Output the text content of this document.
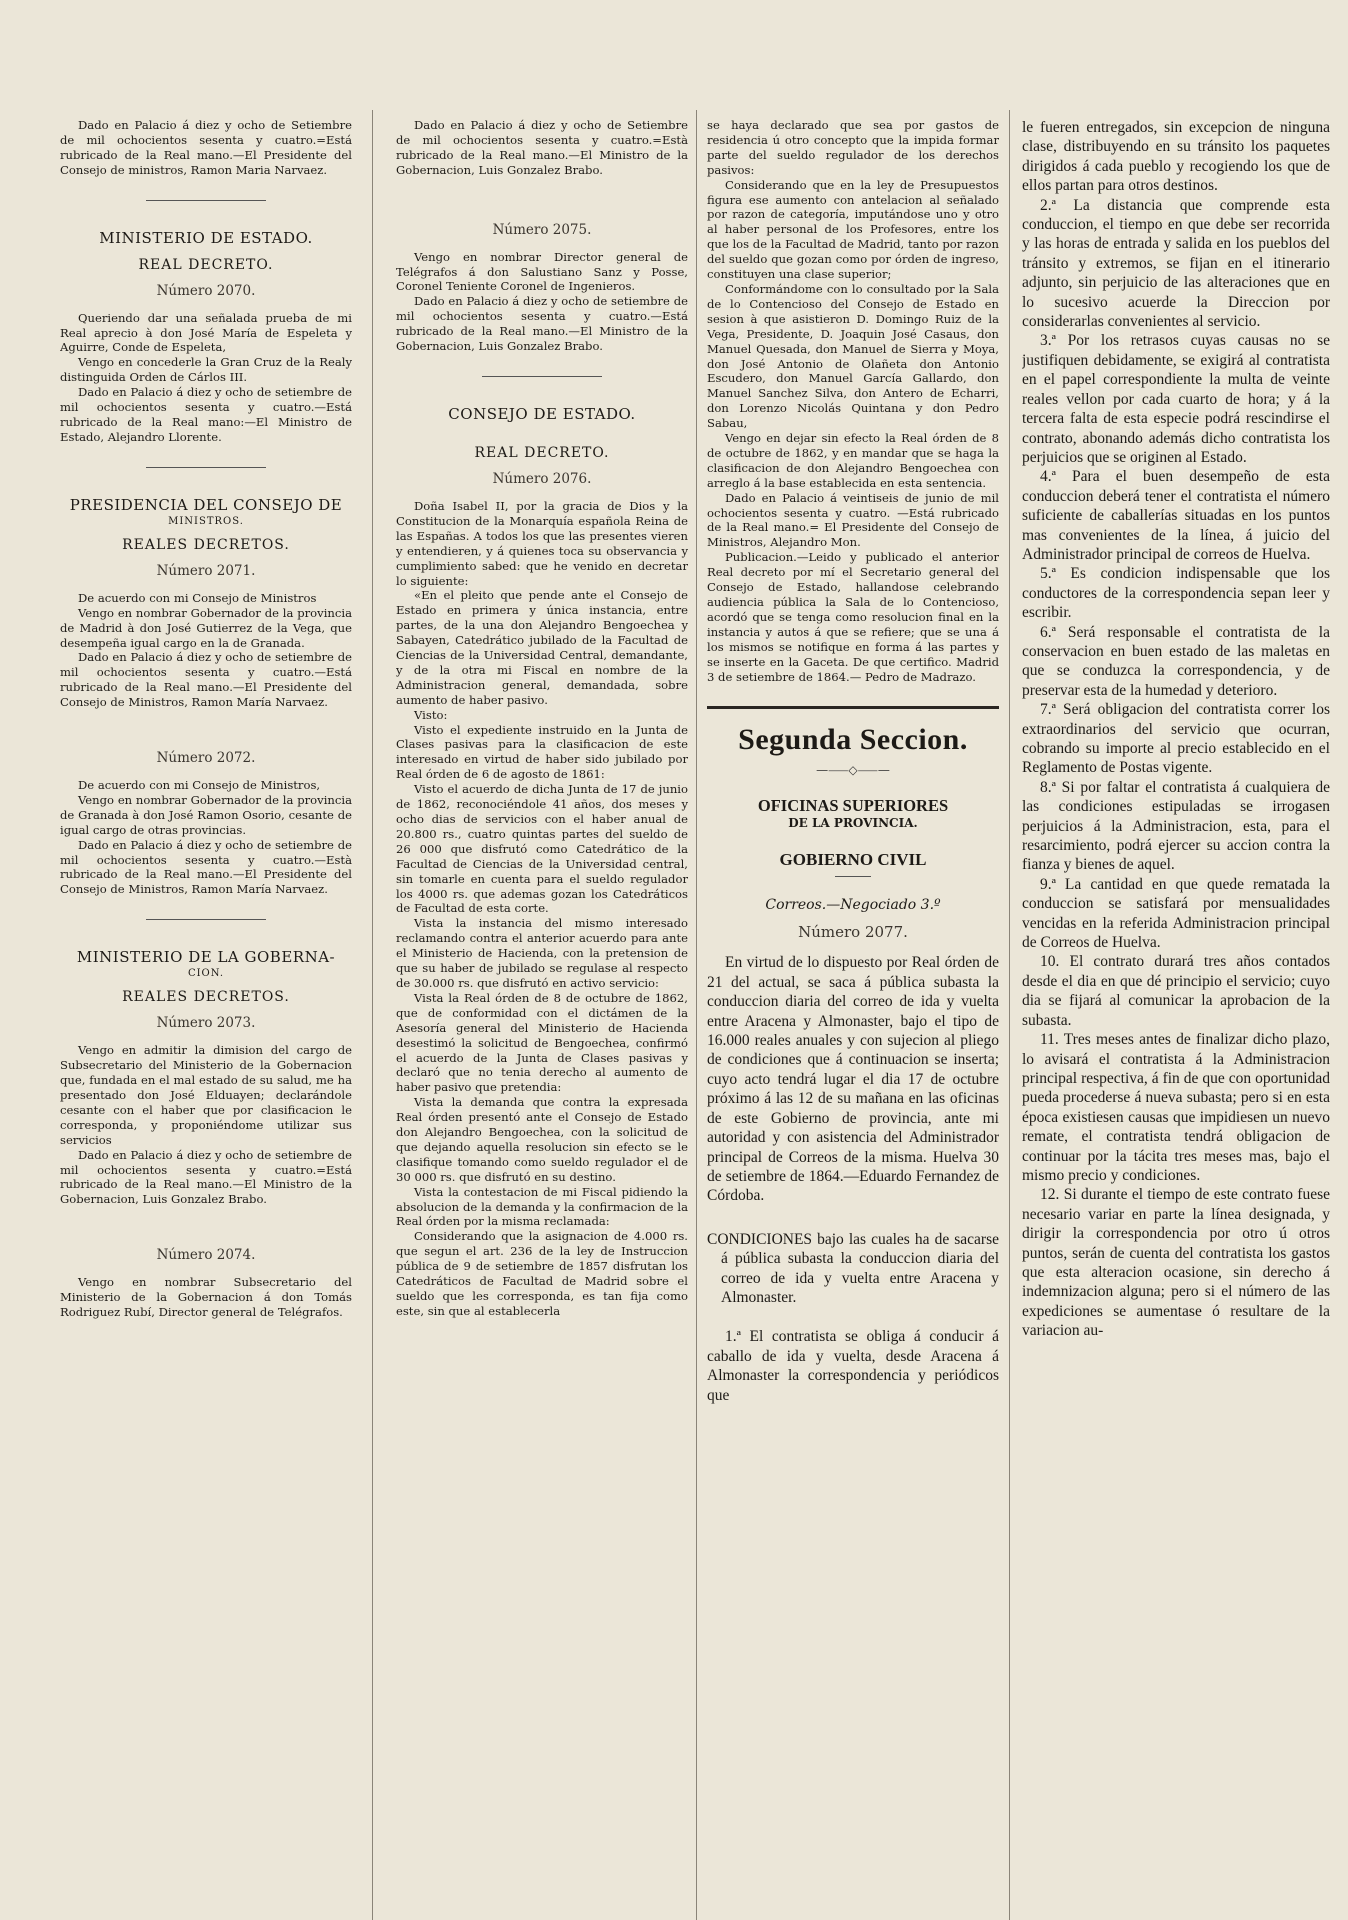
Dado en Palacio á diez y ocho de Setiembre de mil ochocientos sesenta y cuatro.=Está rubricado de la Real mano.—El Presidente del Consejo de ministros, Ramon Maria Narvaez.

MINISTERIO DE ESTADO.
REAL DECRETO.
Número 2070.

Queriendo dar una señalada prueba de mi Real aprecio à don José María de Espeleta y Aguirre, Conde de Espeleta,

Vengo en concederle la Gran Cruz de la Realy distinguida Orden de Cárlos III.

Dado en Palacio á diez y ocho de setiembre de mil ochocientos sesenta y cuatro.—Está rubricado de la Real mano:—El Ministro de Estado, Alejandro Llorente.

PRESIDENCIA DEL CONSEJO DE
MINISTROS.
REALES DECRETOS.
Número 2071.

De acuerdo con mi Consejo de Ministros

Vengo en nombrar Gobernador de la provincia de Madrid à don José Gutierrez de la Vega, que desempeña igual cargo en la de Granada.

Dado en Palacio á diez y ocho de setiembre de mil ochocientos sesenta y cuatro.—Está rubricado de la Real mano.—El Presidente del Consejo de Ministros, Ramon María Narvaez.

Número 2072.

De acuerdo con mi Consejo de Ministros,

Vengo en nombrar Gobernador de la provincia de Granada à don José Ramon Osorio, cesante de igual cargo de otras provincias.

Dado en Palacio á diez y ocho de setiembre de mil ochocientos sesenta y cuatro.—Està rubricado de la Real mano.—El Presidente del Consejo de Ministros, Ramon María Narvaez.

MINISTERIO DE LA GOBERNA-
CION.
REALES DECRETOS.
Número 2073.

Vengo en admitir la dimision del cargo de Subsecretario del Ministerio de la Gobernacion que, fundada en el mal estado de su salud, me ha presentado don José Elduayen; declarándole cesante con el haber que por clasificacion le corresponda, y proponiéndome utilizar sus servicios

Dado en Palacio á diez y ocho de setiembre de mil ochocientos sesenta y cuatro.=Está rubricado de la Real mano.—El Ministro de la Gobernacion, Luis Gonzalez Brabo.

Número 2074.

Vengo en nombrar Subsecretario del Ministerio de la Gobernacion á don Tomás Rodriguez Rubí, Director general de Telégrafos.

Dado en Palacio á diez y ocho de Setiembre de mil ochocientos sesenta y cuatro.=Està rubricado de la Real mano.—El Ministro de la Gobernacion, Luis Gonzalez Brabo.

Número 2075.

Vengo en nombrar Director general de Telégrafos á don Salustiano Sanz y Posse, Coronel Teniente Coronel de Ingenieros.

Dado en Palacio á diez y ocho de setiembre de mil ochocientos sesenta y cuatro.—Está rubricado de la Real mano.—El Ministro de la Gobernacion, Luis Gonzalez Brabo.

CONSEJO DE ESTADO.
REAL DECRETO.
Número 2076.

Doña Isabel II, por la gracia de Dios y la Constitucion de la Monarquía española Reina de las Españas. A todos los que las presentes vieren y entendieren, y á quienes toca su observancia y cumplimiento sabed: que he venido en decretar lo siguiente:

«En el pleito que pende ante el Consejo de Estado en primera y única instancia, entre partes, de la una don Alejandro Bengoechea y Sabayen, Catedrático jubilado de la Facultad de Ciencias de la Universidad Central, demandante, y de la otra mi Fiscal en nombre de la Administracion general, demandada, sobre aumento de haber pasivo.

Visto:

Visto el expediente instruido en la Junta de Clases pasivas para la clasificacion de este interesado en virtud de haber sido jubilado por Real órden de 6 de agosto de 1861:

Visto el acuerdo de dicha Junta de 17 de junio de 1862, reconociéndole 41 años, dos meses y ocho dias de servicios con el haber anual de 20.800 rs., cuatro quintas partes del sueldo de 26 000 que disfrutó como Catedrático de la Facultad de Ciencias de la Universidad central, sin tomarle en cuenta para el sueldo regulador los 4000 rs. que ademas gozan los Catedráticos de Facultad de esta corte.

Vista la instancia del mismo interesado reclamando contra el anterior acuerdo para ante el Ministerio de Hacienda, con la pretension de que su haber de jubilado se regulase al respecto de 30.000 rs. que disfrutó en activo servicio:

Vista la Real órden de 8 de octubre de 1862, que de conformidad con el dictámen de la Asesoría general del Ministerio de Hacienda desestimó la solicitud de Bengoechea, confirmó el acuerdo de la Junta de Clases pasivas y declaró que no tenia derecho al aumento de haber pasivo que pretendia:

Vista la demanda que contra la expresada Real órden presentó ante el Consejo de Estado don Alejandro Bengoechea, con la solicitud de que dejando aquella resolucion sin efecto se le clasifique tomando como sueldo regulador el de 30 000 rs. que disfrutó en su destino.

Vista la contestacion de mi Fiscal pidiendo la absolucion de la demanda y la confirmacion de la Real órden por la misma reclamada:

Considerando que la asignacion de 4.000 rs. que segun el art. 236 de la ley de Instruccion pública de 9 de setiembre de 1857 disfrutan los Catedráticos de Facultad de Madrid sobre el sueldo que les corresponda, es tan fija como este, sin que al establecerla

se haya declarado que sea por gastos de residencia ú otro concepto que la impida formar parte del sueldo regulador de los derechos pasivos:

Considerando que en la ley de Presupuestos figura ese aumento con antelacion al señalado por razon de categoría, imputándose uno y otro al haber personal de los Profesores, entre los que los de la Facultad de Madrid, tanto por razon del sueldo que gozan como por órden de ingreso, constituyen una clase superior;

Conformándome con lo consultado por la Sala de lo Contencioso del Consejo de Estado en sesion à que asistieron D. Domingo Ruiz de la Vega, Presidente, D. Joaquin José Casaus, don Manuel Quesada, don Manuel de Sierra y Moya, don José Antonio de Olañeta don Antonio Escudero, don Manuel García Gallardo, don Manuel Sanchez Silva, don Antero de Echarri, don Lorenzo Nicolás Quintana y don Pedro Sabau,

Vengo en dejar sin efecto la Real órden de 8 de octubre de 1862, y en mandar que se haga la clasificacion de don Alejandro Bengoechea con arreglo á la base establecida en esta sentencia.

Dado en Palacio á veintiseis de junio de mil ochocientos sesenta y cuatro. —Está rubricado de la Real mano.= El Presidente del Consejo de Ministros, Alejandro Mon.

Publicacion.—Leido y publicado el anterior Real decreto por mí el Secretario general del Consejo de Estado, hallandose celebrando audiencia pública la Sala de lo Contencioso, acordó que se tenga como resolucion final en la instancia y autos á que se refiere; que se una á los mismos se notifique en forma á las partes y se inserte en la Gaceta. De que certifico. Madrid 3 de setiembre de 1864.— Pedro de Madrazo.

Segunda Seccion.
—⸺◇⸺—
OFICINAS SUPERIORES
DE LA PROVINCIA.
GOBIERNO CIVIL
Correos.—Negociado 3.º
Número 2077.

En virtud de lo dispuesto por Real órden de 21 del actual, se saca á pública subasta la conduccion diaria del correo de ida y vuelta entre Aracena y Almonaster, bajo el tipo de 16.000 reales anuales y con sujecion al pliego de condiciones que á continuacion se inserta; cuyo acto tendrá lugar el dia 17 de octubre próximo á las 12 de su mañana en las oficinas de este Gobierno de provincia, ante mi autoridad y con asistencia del Administrador principal de Correos de la misma. Huelva 30 de setiembre de 1864.—Eduardo Fernandez de Córdoba.

CONDICIONES bajo las cuales ha de sacarse á pública subasta la conduccion diaria del correo de ida y vuelta entre Aracena y Almonaster.

1.ª El contratista se obliga á conducir á caballo de ida y vuelta, desde Aracena á Almonaster la correspondencia y periódicos que

le fueren entregados, sin excepcion de ninguna clase, distribuyendo en su tránsito los paquetes dirigidos á cada pueblo y recogiendo los que de ellos partan para otros destinos.

2.ª La distancia que comprende esta conduccion, el tiempo en que debe ser recorrida y las horas de entrada y salida en los pueblos del tránsito y extremos, se fijan en el itinerario adjunto, sin perjuicio de las alteraciones que en lo sucesivo acuerde la Direccion por considerarlas convenientes al servicio.

3.ª Por los retrasos cuyas causas no se justifiquen debidamente, se exigirá al contratista en el papel correspondiente la multa de veinte reales vellon por cada cuarto de hora; y á la tercera falta de esta especie podrá rescindirse el contrato, abonando además dicho contratista los perjuicios que se originen al Estado.

4.ª Para el buen desempeño de esta conduccion deberá tener el contratista el número suficiente de caballerías situadas en los puntos mas convenientes de la línea, á juicio del Administrador principal de correos de Huelva.

5.ª Es condicion indispensable que los conductores de la correspondencia sepan leer y escribir.

6.ª Será responsable el contratista de la conservacion en buen estado de las maletas en que se conduzca la correspondencia, y de preservar esta de la humedad y deterioro.

7.ª Será obligacion del contratista correr los extraordinarios del servicio que ocurran, cobrando su importe al precio establecido en el Reglamento de Postas vigente.

8.ª Si por faltar el contratista á cualquiera de las condiciones estipuladas se irrogasen perjuicios á la Administracion, esta, para el resarcimiento, podrá ejercer su accion contra la fianza y bienes de aquel.

9.ª La cantidad en que quede rematada la conduccion se satisfará por mensualidades vencidas en la referida Administracion principal de Correos de Huelva.

10. El contrato durará tres años contados desde el dia en que dé principio el servicio; cuyo dia se fijará al comunicar la aprobacion de la subasta.

11. Tres meses antes de finalizar dicho plazo, lo avisará el contratista á la Administracion principal respectiva, á fin de que con oportunidad pueda procederse á nueva subasta; pero si en esta época existiesen causas que impidiesen un nuevo remate, el contratista tendrá obligacion de continuar por la tácita tres meses mas, bajo el mismo precio y condiciones.

12. Si durante el tiempo de este contrato fuese necesario variar en parte la línea designada, y dirigir la correspondencia por otro ú otros puntos, serán de cuenta del contratista los gastos que esta alteracion ocasione, sin derecho á indemnizacion alguna; pero si el número de las expediciones se aumentase ó resultare de la variacion au-
